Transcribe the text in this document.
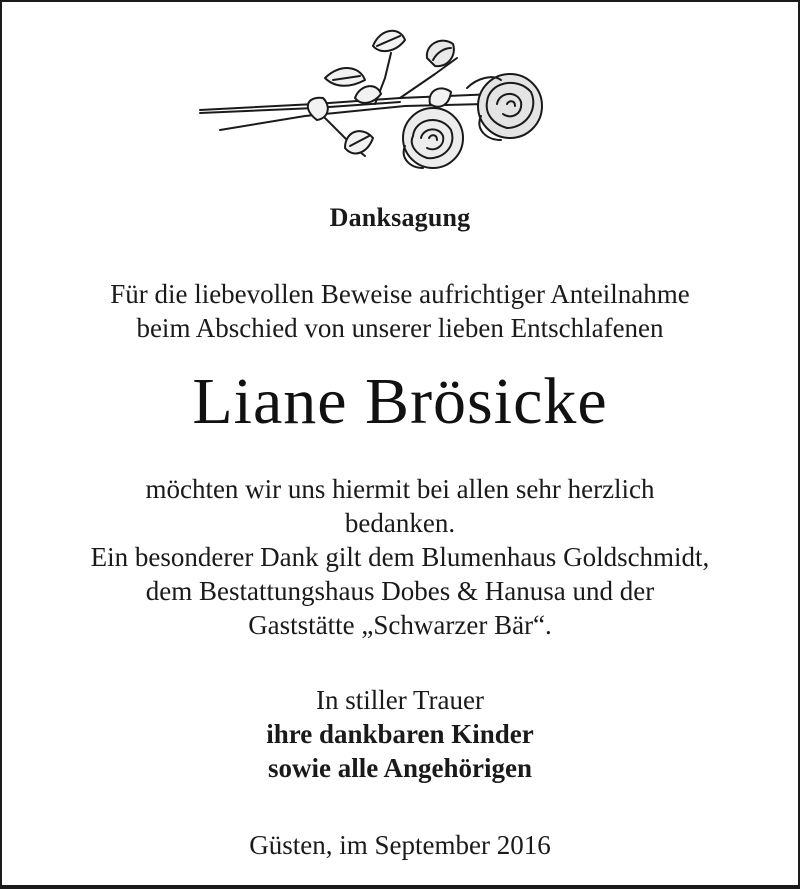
Danksagung
Für die liebevollen Beweise aufrichtiger Anteilnahme
beim Abschied von unserer lieben Entschlafenen
Liane Brösicke
möchten wir uns hiermit bei allen sehr herzlich
bedanken.
Ein besonderer Dank gilt dem Blumenhaus Goldschmidt,
dem Bestattungshaus Dobes & Hanusa und der
Gaststätte „Schwarzer Bär“.
In stiller Trauer
ihre dankbaren Kinder
sowie alle Angehörigen
Güsten, im September 2016
